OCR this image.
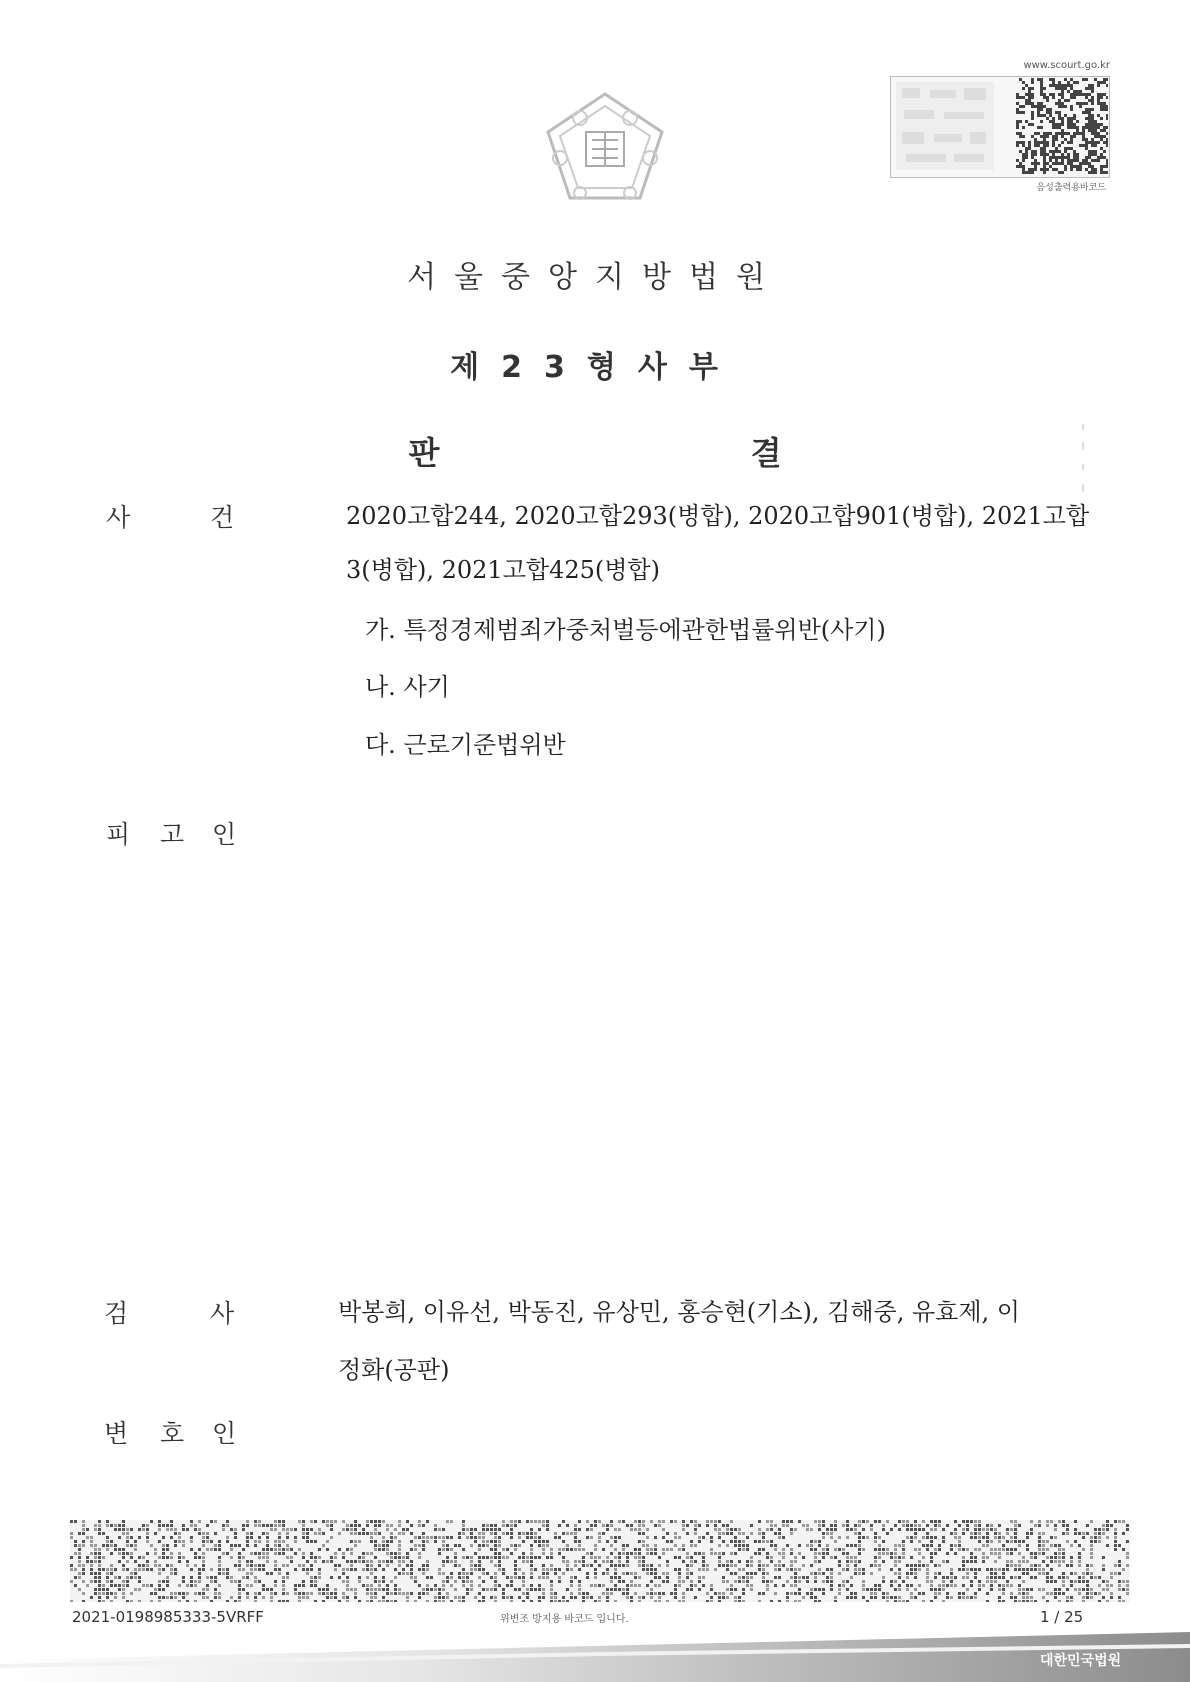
www.scourt.go.kr
음성출력용바코드
서울중앙지방법원
제23형사부
판 결
사	건	2020고합244, 2020고합293(병합), 2020고합901(병합), 2021고합
3(병합), 2021고합425(병합)
가. 특정경제범죄가중처벌등에관한법률위반(사기)
나. 사기
다. 근로기준법위반
피 고 인
검	사	박봉희, 이유선, 박동진, 유상민, 홍승현(기소), 김해중, 유효제, 이
정화(공판)
변 호 인
2021-0198985333-5VRFF	위변조 방지용 바코드 입니다.	1 / 25
대한민국법원
